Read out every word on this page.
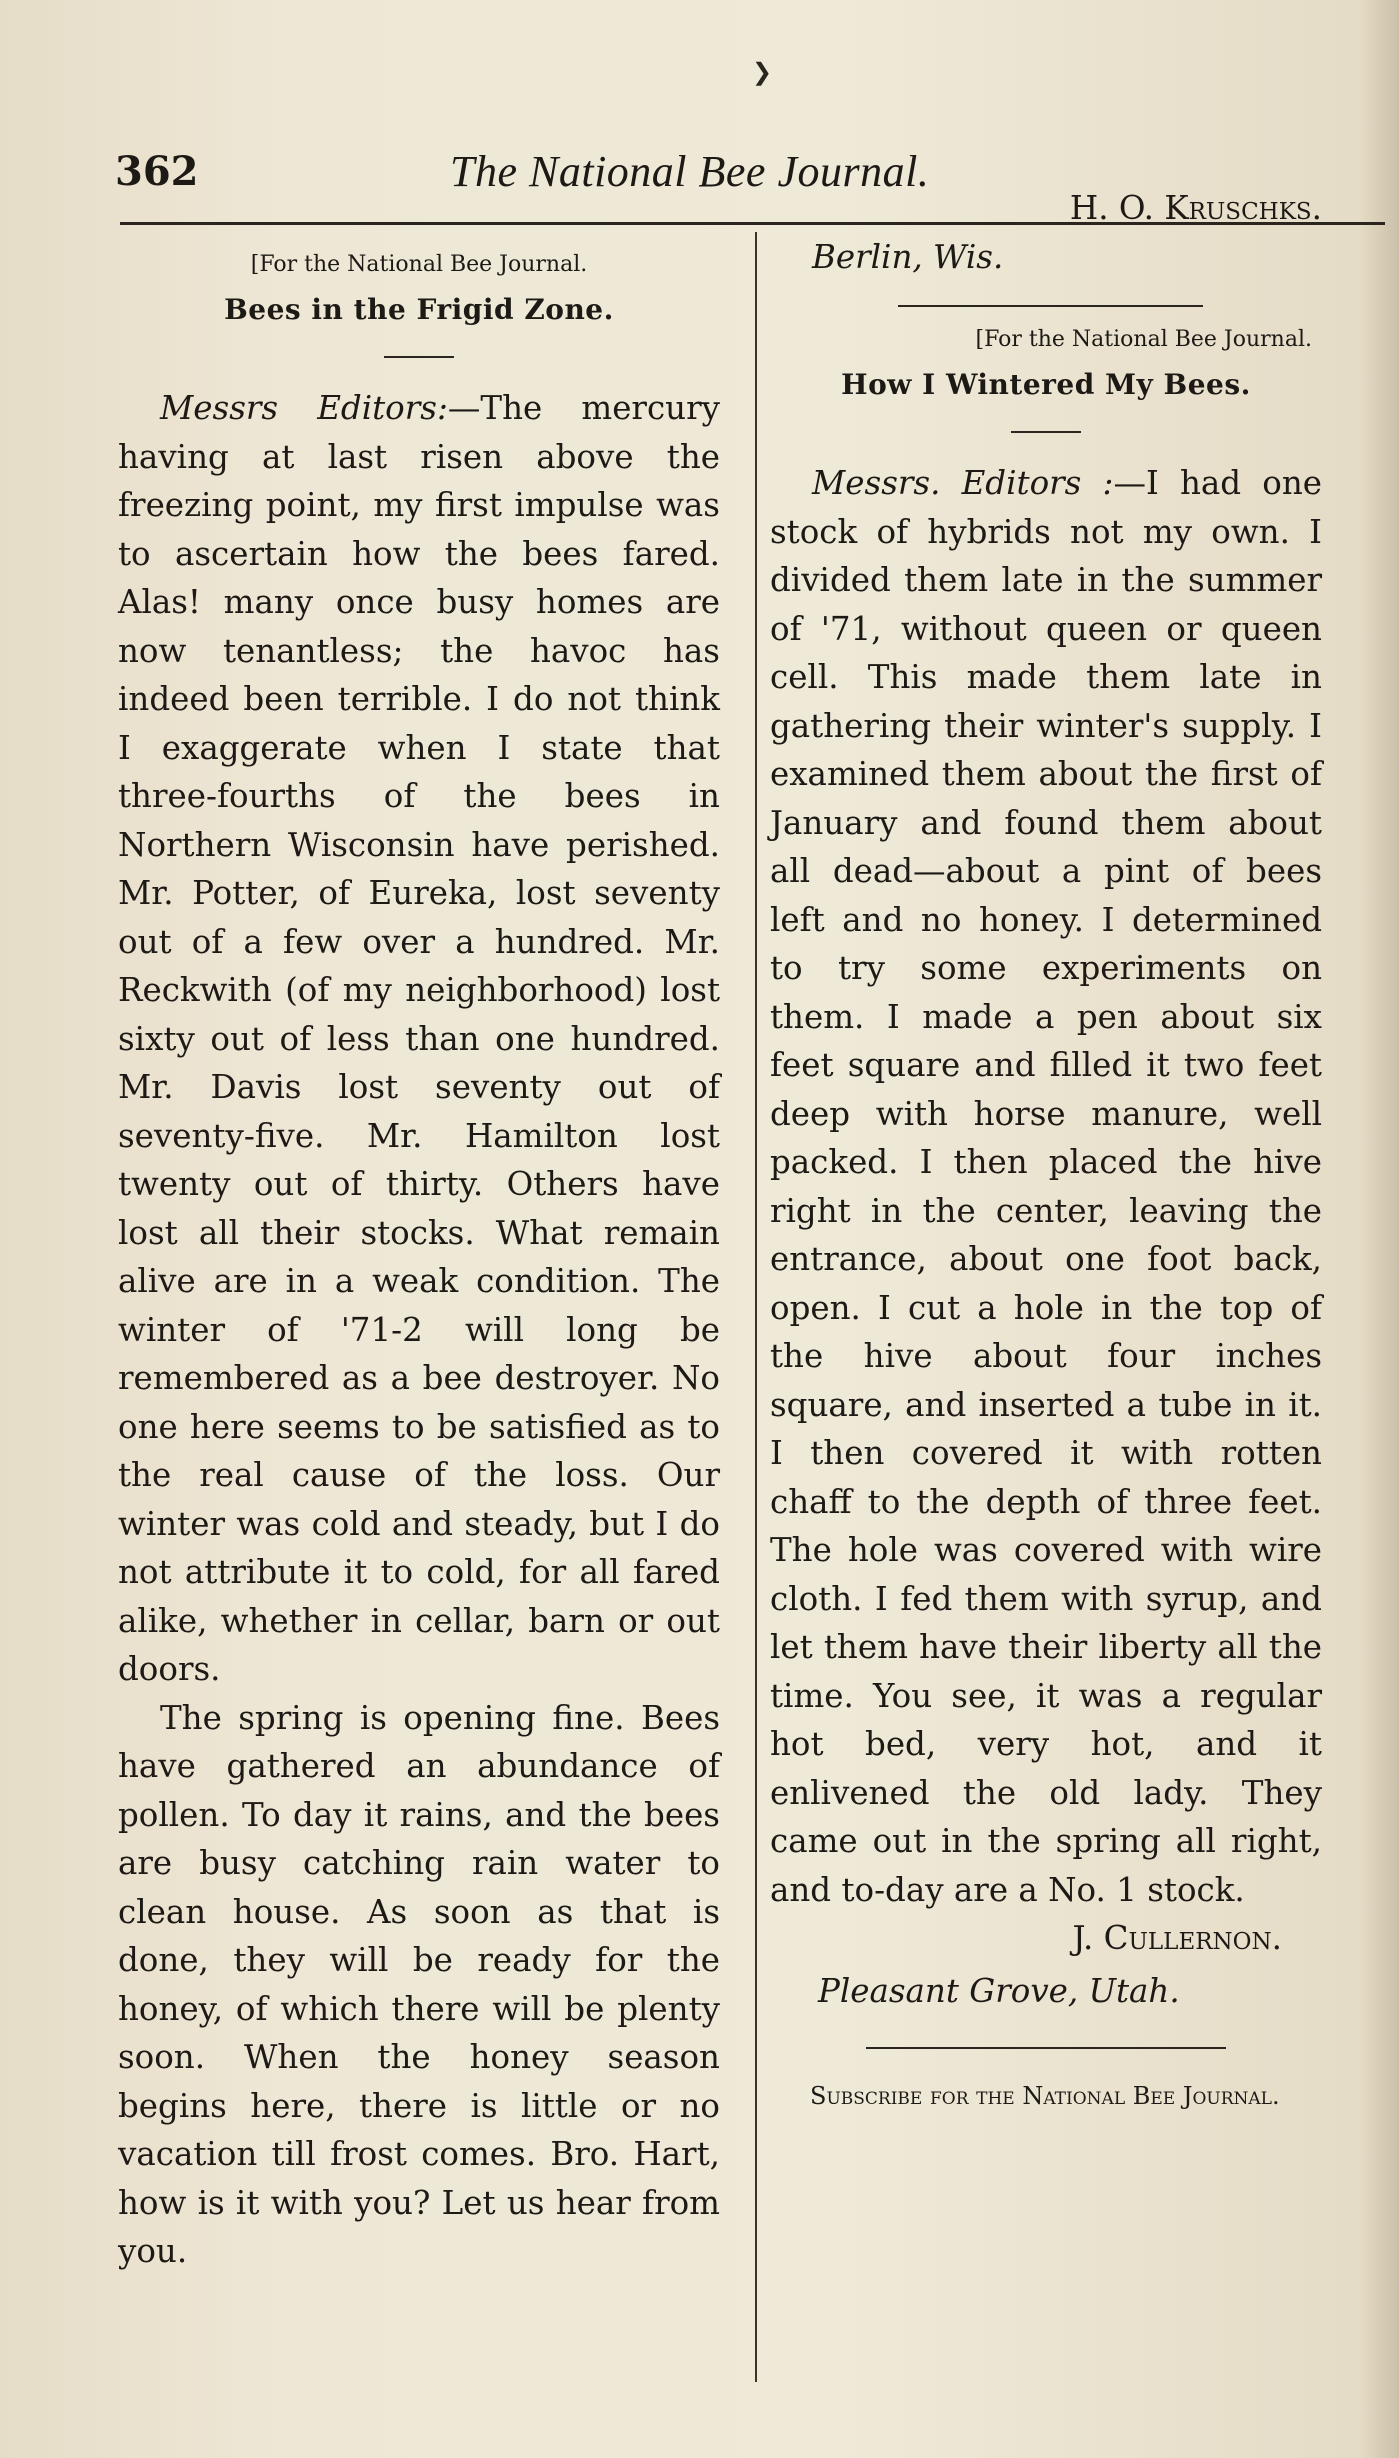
❯
362	The National Bee Journal.

[For the National Bee Journal.

Bees in the Frigid Zone.

Messrs Editors:—The mercury having at last risen above the freezing point, my first impulse was to ascertain how the bees fared. Alas! many once busy homes are now tenantless; the havoc has indeed been terrible. I do not think I exaggerate when I state that three-fourths of the bees in Northern Wisconsin have perished. Mr. Potter, of Eureka, lost seventy out of a few over a hundred. Mr. Reckwith (of my neighborhood) lost sixty out of less than one hundred. Mr. Davis lost seventy out of seventy-five. Mr. Hamilton lost twenty out of thirty. Others have lost all their stocks. What remain alive are in a weak condition. The winter of '71-2 will long be remembered as a bee destroyer. No one here seems to be satisfied as to the real cause of the loss. Our winter was cold and steady, but I do not attribute it to cold, for all fared alike, whether in cellar, barn or out doors.

The spring is opening fine. Bees have gathered an abundance of pollen. To day it rains, and the bees are busy catching rain water to clean house. As soon as that is done, they will be ready for the honey, of which there will be plenty soon. When the honey season begins here, there is little or no vacation till frost comes. Bro. Hart, how is it with you? Let us hear from you.

H. O. Kruschks.

Berlin, Wis.

[For the National Bee Journal.

How I Wintered My Bees.

Messrs. Editors :—I had one stock of hybrids not my own. I divided them late in the summer of '71, without queen or queen cell. This made them late in gathering their winter's supply. I examined them about the first of January and found them about all dead—about a pint of bees left and no honey. I determined to try some experiments on them. I made a pen about six feet square and filled it two feet deep with horse manure, well packed. I then placed the hive right in the center, leaving the entrance, about one foot back, open. I cut a hole in the top of the hive about four inches square, and inserted a tube in it. I then covered it with rotten chaff to the depth of three feet. The hole was covered with wire cloth. I fed them with syrup, and let them have their liberty all the time. You see, it was a regular hot bed, very hot, and it enlivened the old lady. They came out in the spring all right, and to-day are a No. 1 stock.

J. Cullernon.

Pleasant Grove, Utah.

Subscribe for the National Bee Journal.
